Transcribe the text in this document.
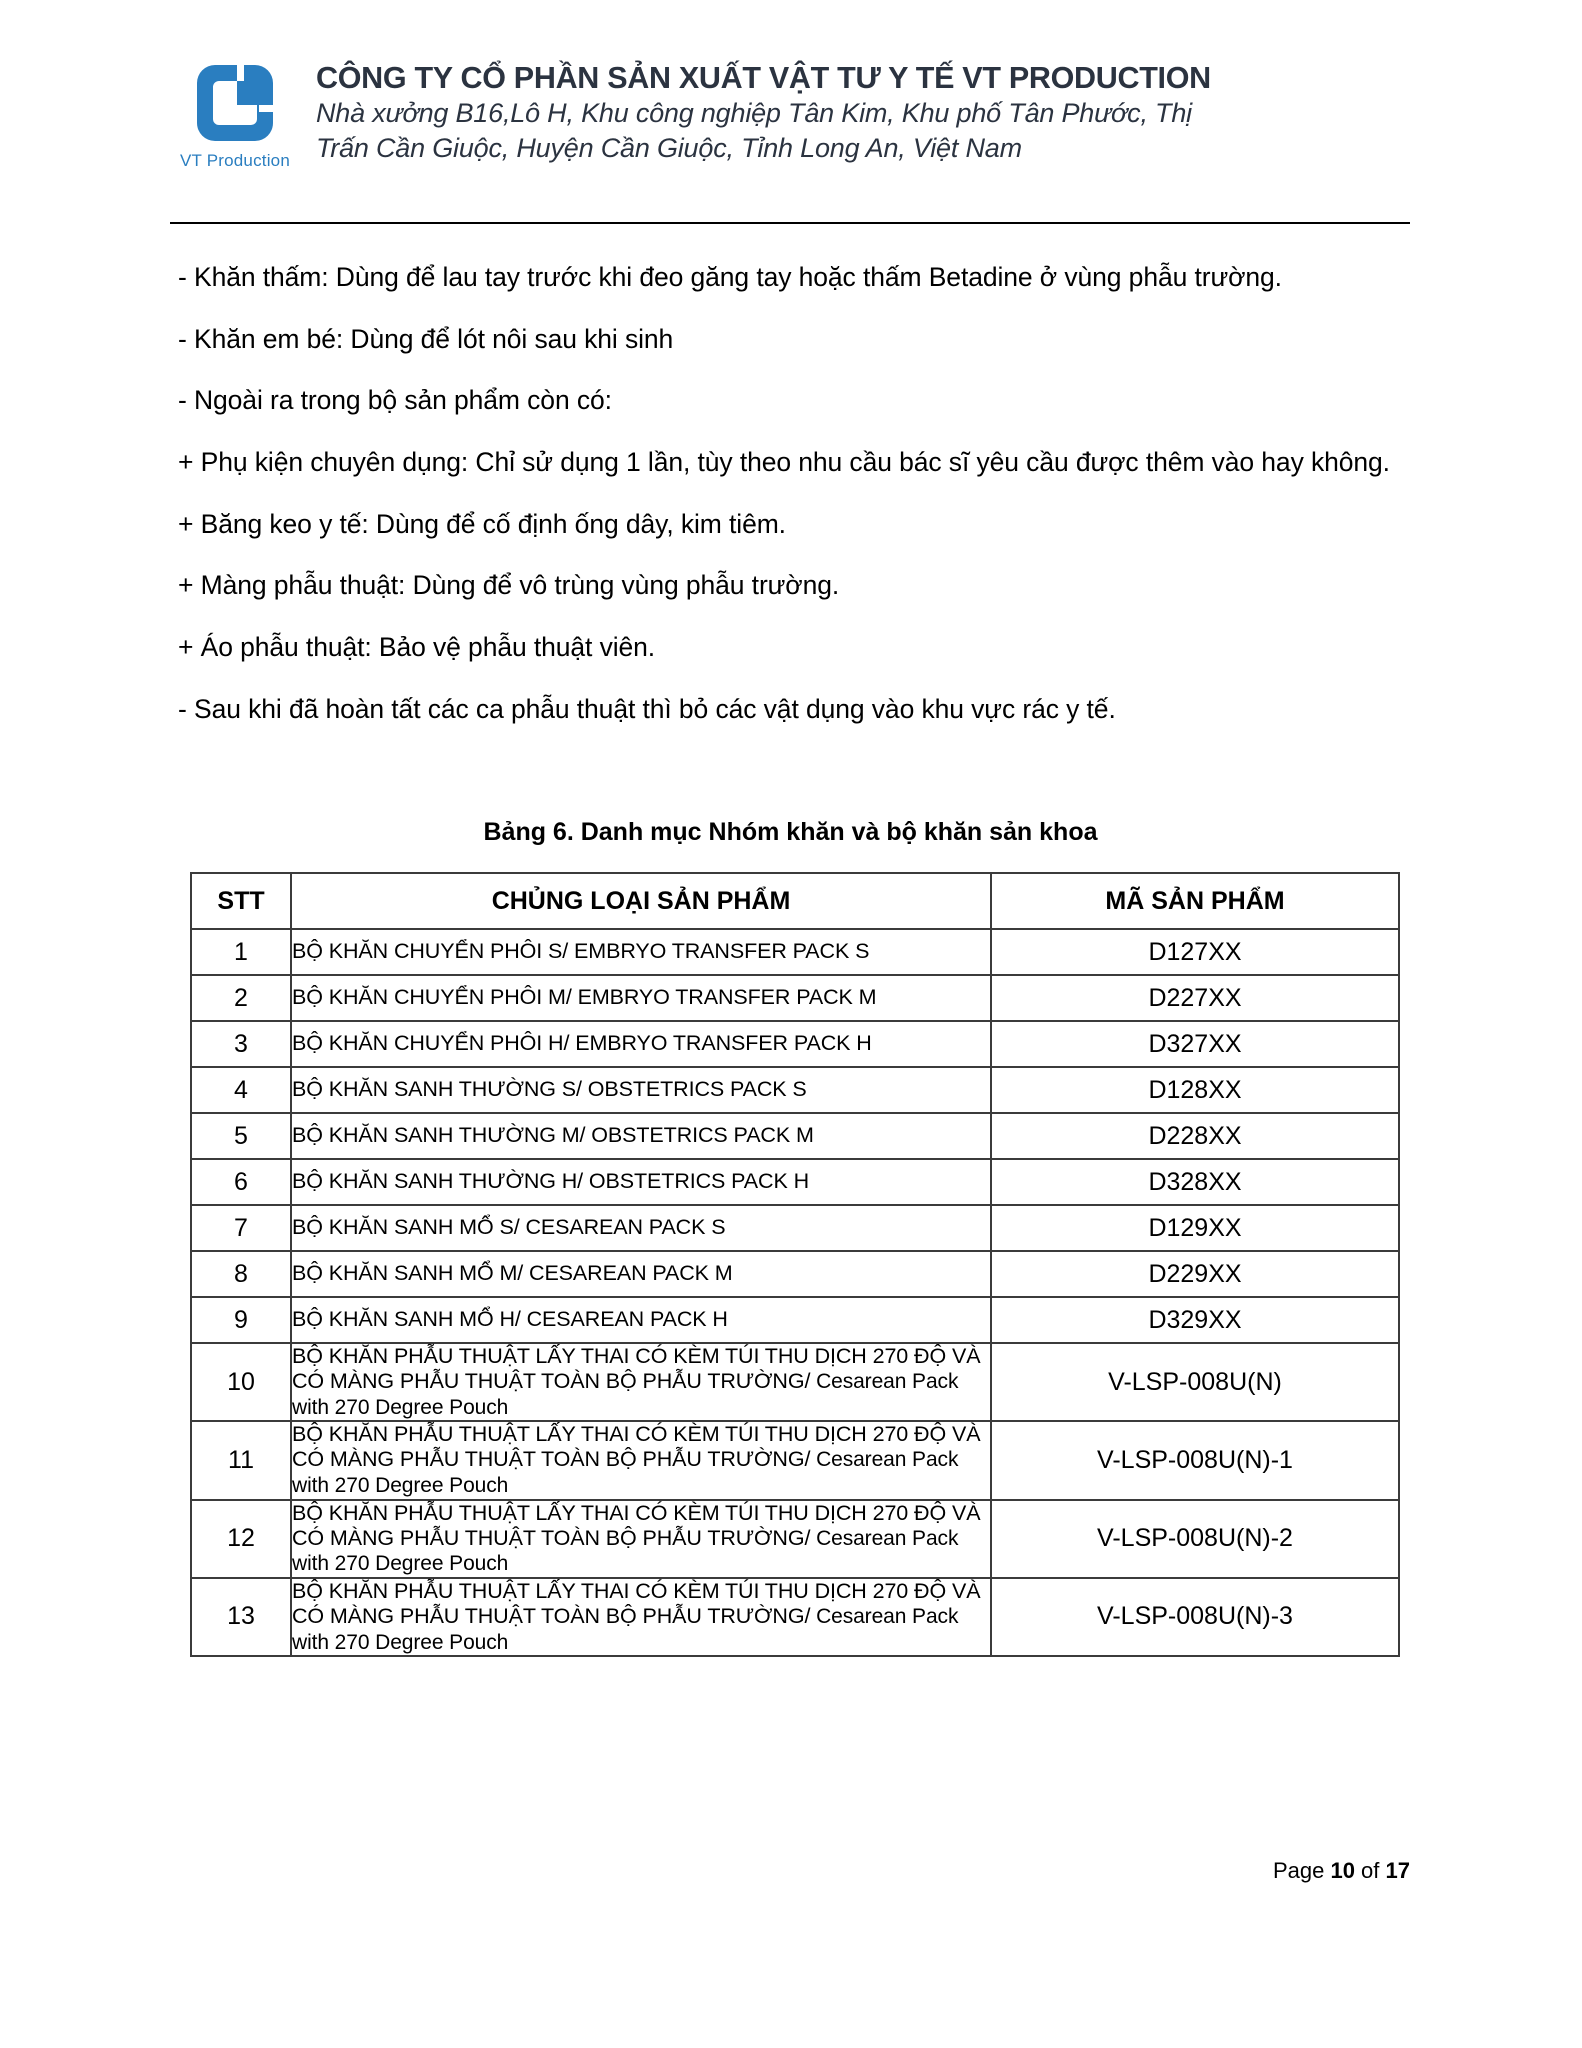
VT Production
CÔNG TY CỔ PHẦN SẢN XUẤT VẬT TƯ Y TẾ VT PRODUCTION
Nhà xưởng B16,Lô H, Khu công nghiệp Tân Kim, Khu phố Tân Phước, Thị
Trấn Cần Giuộc, Huyện Cần Giuộc, Tỉnh Long An, Việt Nam

- Khăn thấm: Dùng để lau tay trước khi đeo găng tay hoặc thấm Betadine ở vùng phẫu trường.

- Khăn em bé: Dùng để lót nôi sau khi sinh

- Ngoài ra trong bộ sản phẩm còn có:

+ Phụ kiện chuyên dụng: Chỉ sử dụng 1 lần, tùy theo nhu cầu bác sĩ yêu cầu được thêm vào hay không.

+ Băng keo y tế: Dùng để cố định ống dây, kim tiêm.

+ Màng phẫu thuật: Dùng để vô trùng vùng phẫu trường.

+ Áo phẫu thuật: Bảo vệ phẫu thuật viên.

- Sau khi đã hoàn tất các ca phẫu thuật thì bỏ các vật dụng vào khu vực rác y tế.

Bảng 6. Danh mục Nhóm khăn và bộ khăn sản khoa
STT	CHỦNG LOẠI SẢN PHẨM	MÃ SẢN PHẨM
1	BỘ KHĂN CHUYỂN PHÔI S/ EMBRYO TRANSFER PACK S	D127XX
2	BỘ KHĂN CHUYỂN PHÔI M/ EMBRYO TRANSFER PACK M	D227XX
3	BỘ KHĂN CHUYỂN PHÔI H/ EMBRYO TRANSFER PACK H	D327XX
4	BỘ KHĂN SANH THƯỜNG S/ OBSTETRICS PACK S	D128XX
5	BỘ KHĂN SANH THƯỜNG M/ OBSTETRICS PACK M	D228XX
6	BỘ KHĂN SANH THƯỜNG H/ OBSTETRICS PACK H	D328XX
7	BỘ KHĂN SANH MỔ S/ CESAREAN PACK S	D129XX
8	BỘ KHĂN SANH MỔ M/ CESAREAN PACK M	D229XX
9	BỘ KHĂN SANH MỔ H/ CESAREAN PACK H	D329XX
10	BỘ KHĂN PHẪU THUẬT LẤY THAI CÓ KÈM TÚI THU DỊCH 270 ĐỘ VÀ CÓ MÀNG PHẪU THUẬT TOÀN BỘ PHẪU TRƯỜNG/ Cesarean Pack with 270 Degree Pouch	V-LSP-008U(N)
11	BỘ KHĂN PHẪU THUẬT LẤY THAI CÓ KÈM TÚI THU DỊCH 270 ĐỘ VÀ CÓ MÀNG PHẪU THUẬT TOÀN BỘ PHẪU TRƯỜNG/ Cesarean Pack with 270 Degree Pouch	V-LSP-008U(N)-1
12	BỘ KHĂN PHẪU THUẬT LẤY THAI CÓ KÈM TÚI THU DỊCH 270 ĐỘ VÀ CÓ MÀNG PHẪU THUẬT TOÀN BỘ PHẪU TRƯỜNG/ Cesarean Pack with 270 Degree Pouch	V-LSP-008U(N)-2
13	BỘ KHĂN PHẪU THUẬT LẤY THAI CÓ KÈM TÚI THU DỊCH 270 ĐỘ VÀ CÓ MÀNG PHẪU THUẬT TOÀN BỘ PHẪU TRƯỜNG/ Cesarean Pack with 270 Degree Pouch	V-LSP-008U(N)-3
Page 10 of 17
